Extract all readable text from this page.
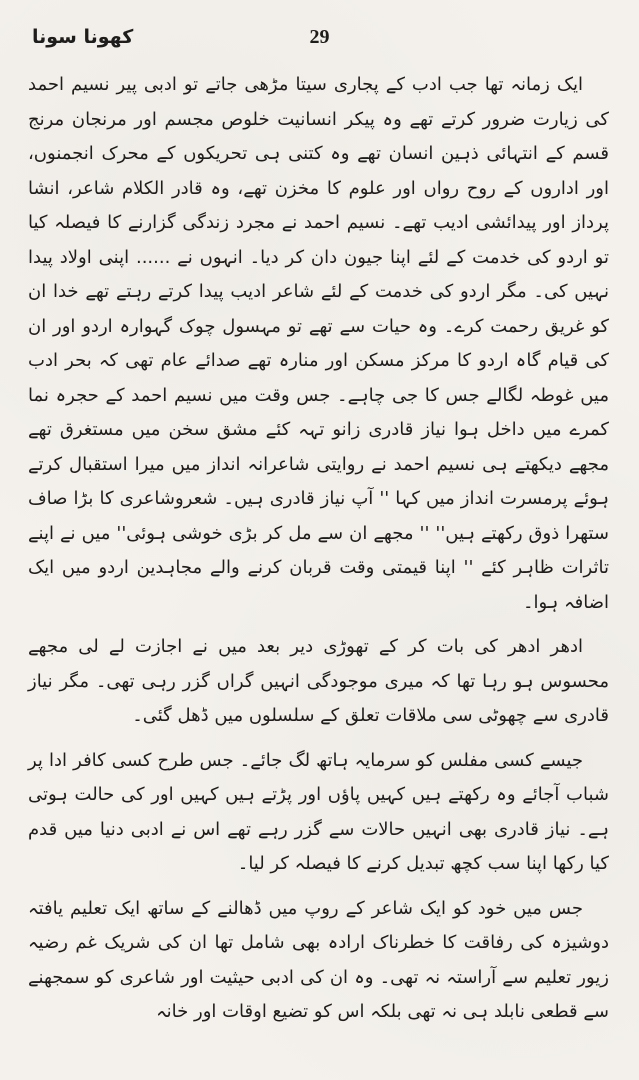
کھونا سونا	29

ایک زمانہ تھا جب ادب کے پجاری سیتا مڑھی جاتے تو ادبی پیر نسیم احمد کی زیارت ضرور کرتے تھے وہ پیکر انسانیت خلوص مجسم اور مرنجان مرنج قسم کے انتہائی ذہین انسان تھے وہ کتنی ہی تحریکوں کے محرک انجمنوں، اور اداروں کے روح رواں اور علوم کا مخزن تھے، وہ قادر الکلام شاعر، انشا پرداز اور پیدائشی ادیب تھے۔ نسیم احمد نے مجرد زندگی گزارنے کا فیصلہ کیا تو اردو کی خدمت کے لئے اپنا جیون دان کر دیا۔ انہوں نے ...... اپنی اولاد پیدا نہیں کی۔ مگر اردو کی خدمت کے لئے شاعر ادیب پیدا کرتے رہتے تھے خدا ان کو غریق رحمت کرے۔ وہ حیات سے تھے تو مہسول چوک گہوارہ اردو اور ان کی قیام گاہ اردو کا مرکز مسکن اور منارہ تھے صدائے عام تھی کہ بحر ادب میں غوطہ لگالے جس کا جی چاہے۔ جس وقت میں نسیم احمد کے حجرہ نما کمرے میں داخل ہوا نیاز قادری زانو تہہ کئے مشق سخن میں مستغرق تھے مجھے دیکھتے ہی نسیم احمد نے روایتی شاعرانہ انداز میں میرا استقبال کرتے ہوئے پرمسرت انداز میں کہا '' آپ نیاز قادری ہیں۔ شعروشاعری کا بڑا صاف ستھرا ذوق رکھتے ہیں'' '' مجھے ان سے مل کر بڑی خوشی ہوئی'' میں نے اپنے تاثرات ظاہر کئے '' اپنا قیمتی وقت قربان کرنے والے مجاہدین اردو میں ایک اضافہ ہوا۔

ادھر ادھر کی بات کر کے تھوڑی دیر بعد میں نے اجازت لے لی مجھے محسوس ہو رہا تھا کہ میری موجودگی انہیں گراں گزر رہی تھی۔ مگر نیاز قادری سے چھوٹی سی ملاقات تعلق کے سلسلوں میں ڈھل گئی۔

جیسے کسی مفلس کو سرمایہ ہاتھ لگ جائے۔ جس طرح کسی کافر ادا پر شباب آجائے وہ رکھتے ہیں کہیں پاؤں اور پڑتے ہیں کہیں اور کی حالت ہوتی ہے۔ نیاز قادری بھی انہیں حالات سے گزر رہے تھے اس نے ادبی دنیا میں قدم کیا رکھا اپنا سب کچھ تبدیل کرنے کا فیصلہ کر لیا۔

جس میں خود کو ایک شاعر کے روپ میں ڈھالنے کے ساتھ ایک تعلیم یافتہ دوشیزہ کی رفاقت کا خطرناک ارادہ بھی شامل تھا ان کی شریک غم رضیہ زیور تعلیم سے آراستہ نہ تھی۔ وہ ان کی ادبی حیثیت اور شاعری کو سمجھنے سے قطعی نابلد ہی نہ تھی بلکہ اس کو تضیع اوقات اور خانہ
